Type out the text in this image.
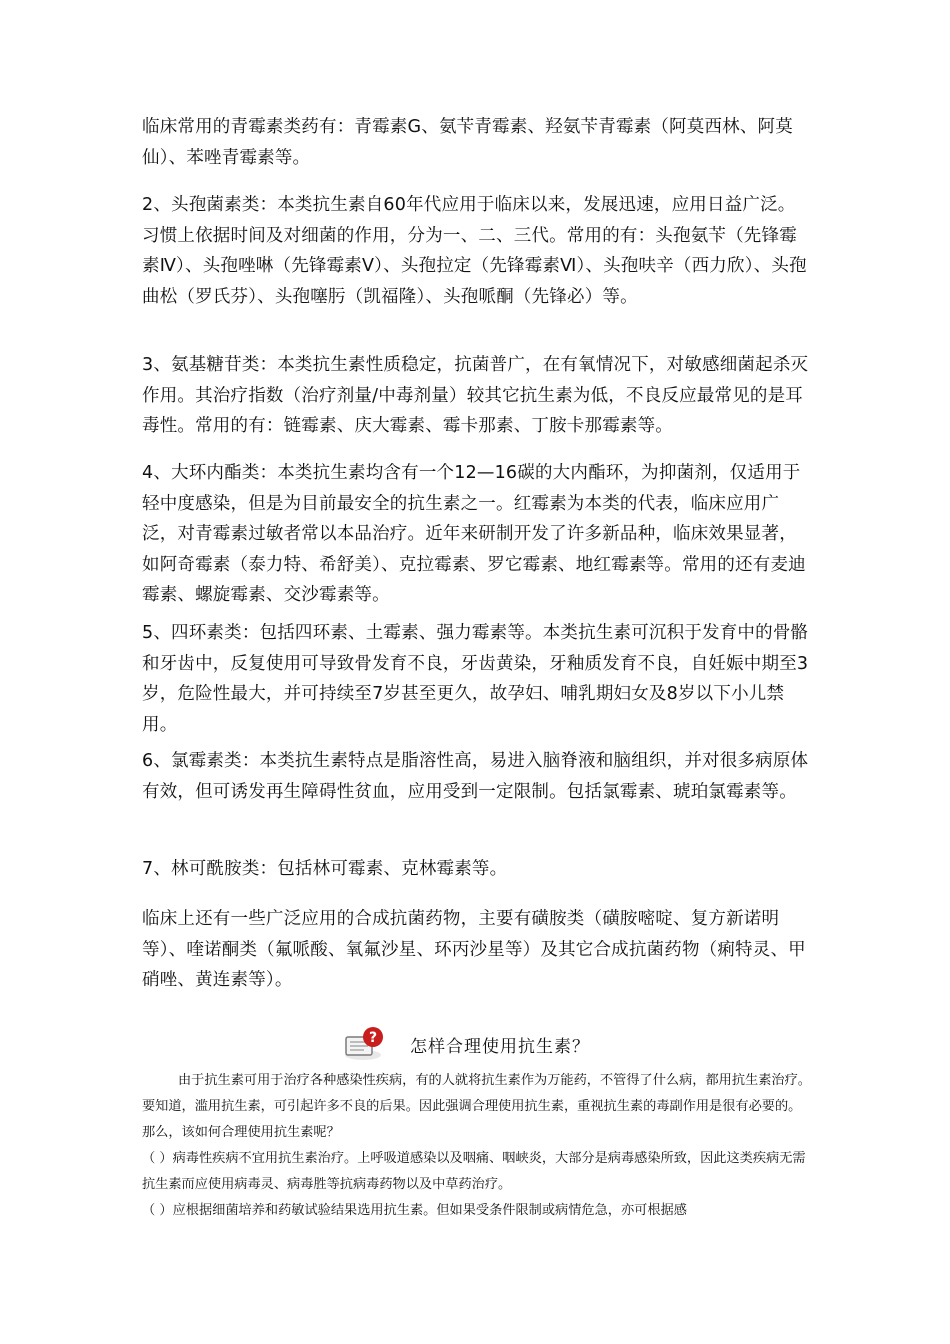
临床常用的青霉素类药有：青霉素G、氨苄青霉素、羟氨苄青霉素（阿莫西林、阿莫仙）、苯唑青霉素等。

2、头孢菌素类：本类抗生素自60年代应用于临床以来，发展迅速，应用日益广泛。习惯上依据时间及对细菌的作用，分为一、二、三代。常用的有：头孢氨苄（先锋霉素Ⅳ）、头孢唑啉（先锋霉素Ⅴ）、头孢拉定（先锋霉素Ⅵ）、头孢呋辛（西力欣）、头孢曲松（罗氏芬）、头孢噻肟（凯福隆）、头孢哌酮（先锋必）等。

3、氨基糖苷类：本类抗生素性质稳定，抗菌普广，在有氧情况下，对敏感细菌起杀灭作用。其治疗指数（治疗剂量/中毒剂量）较其它抗生素为低，不良反应最常见的是耳毒性。常用的有：链霉素、庆大霉素、霉卡那素、丁胺卡那霉素等。

4、大环内酯类：本类抗生素均含有一个12—16碳的大内酯环，为抑菌剂，仅适用于轻中度感染，但是为目前最安全的抗生素之一。红霉素为本类的代表，临床应用广泛，对青霉素过敏者常以本品治疗。近年来研制开发了许多新品种，临床效果显著，如阿奇霉素（泰力特、希舒美）、克拉霉素、罗它霉素、地红霉素等。常用的还有麦迪霉素、螺旋霉素、交沙霉素等。

5、四环素类：包括四环素、土霉素、强力霉素等。本类抗生素可沉积于发育中的骨骼和牙齿中，反复使用可导致骨发育不良，牙齿黄染，牙釉质发育不良，自妊娠中期至3岁，危险性最大，并可持续至7岁甚至更久，故孕妇、哺乳期妇女及8岁以下小儿禁用。

6、氯霉素类：本类抗生素特点是脂溶性高，易进入脑脊液和脑组织，并对很多病原体有效，但可诱发再生障碍性贫血，应用受到一定限制。包括氯霉素、琥珀氯霉素等。

7、林可酰胺类：包括林可霉素、克林霉素等。

临床上还有一些广泛应用的合成抗菌药物，主要有磺胺类（磺胺嘧啶、复方新诺明等）、喹诺酮类（氟哌酸、氧氟沙星、环丙沙星等）及其它合成抗菌药物（痢特灵、甲硝唑、黄连素等）。

? 怎样合理使用抗生素？

由于抗生素可用于治疗各种感染性疾病，有的人就将抗生素作为万能药，不管得了什么病，都用抗生素治疗。要知道，滥用抗生素，可引起许多不良的后果。因此强调合理使用抗生素，重视抗生素的毒副作用是很有必要的。那么，该如何合理使用抗生素呢？

（ ）病毒性疾病不宜用抗生素治疗。上呼吸道感染以及咽痛、咽峡炎，大部分是病毒感染所致，因此这类疾病无需抗生素而应使用病毒灵、病毒胜等抗病毒药物以及中草药治疗。

（ ）应根据细菌培养和药敏试验结果选用抗生素。但如果受条件限制或病情危急，亦可根据感
